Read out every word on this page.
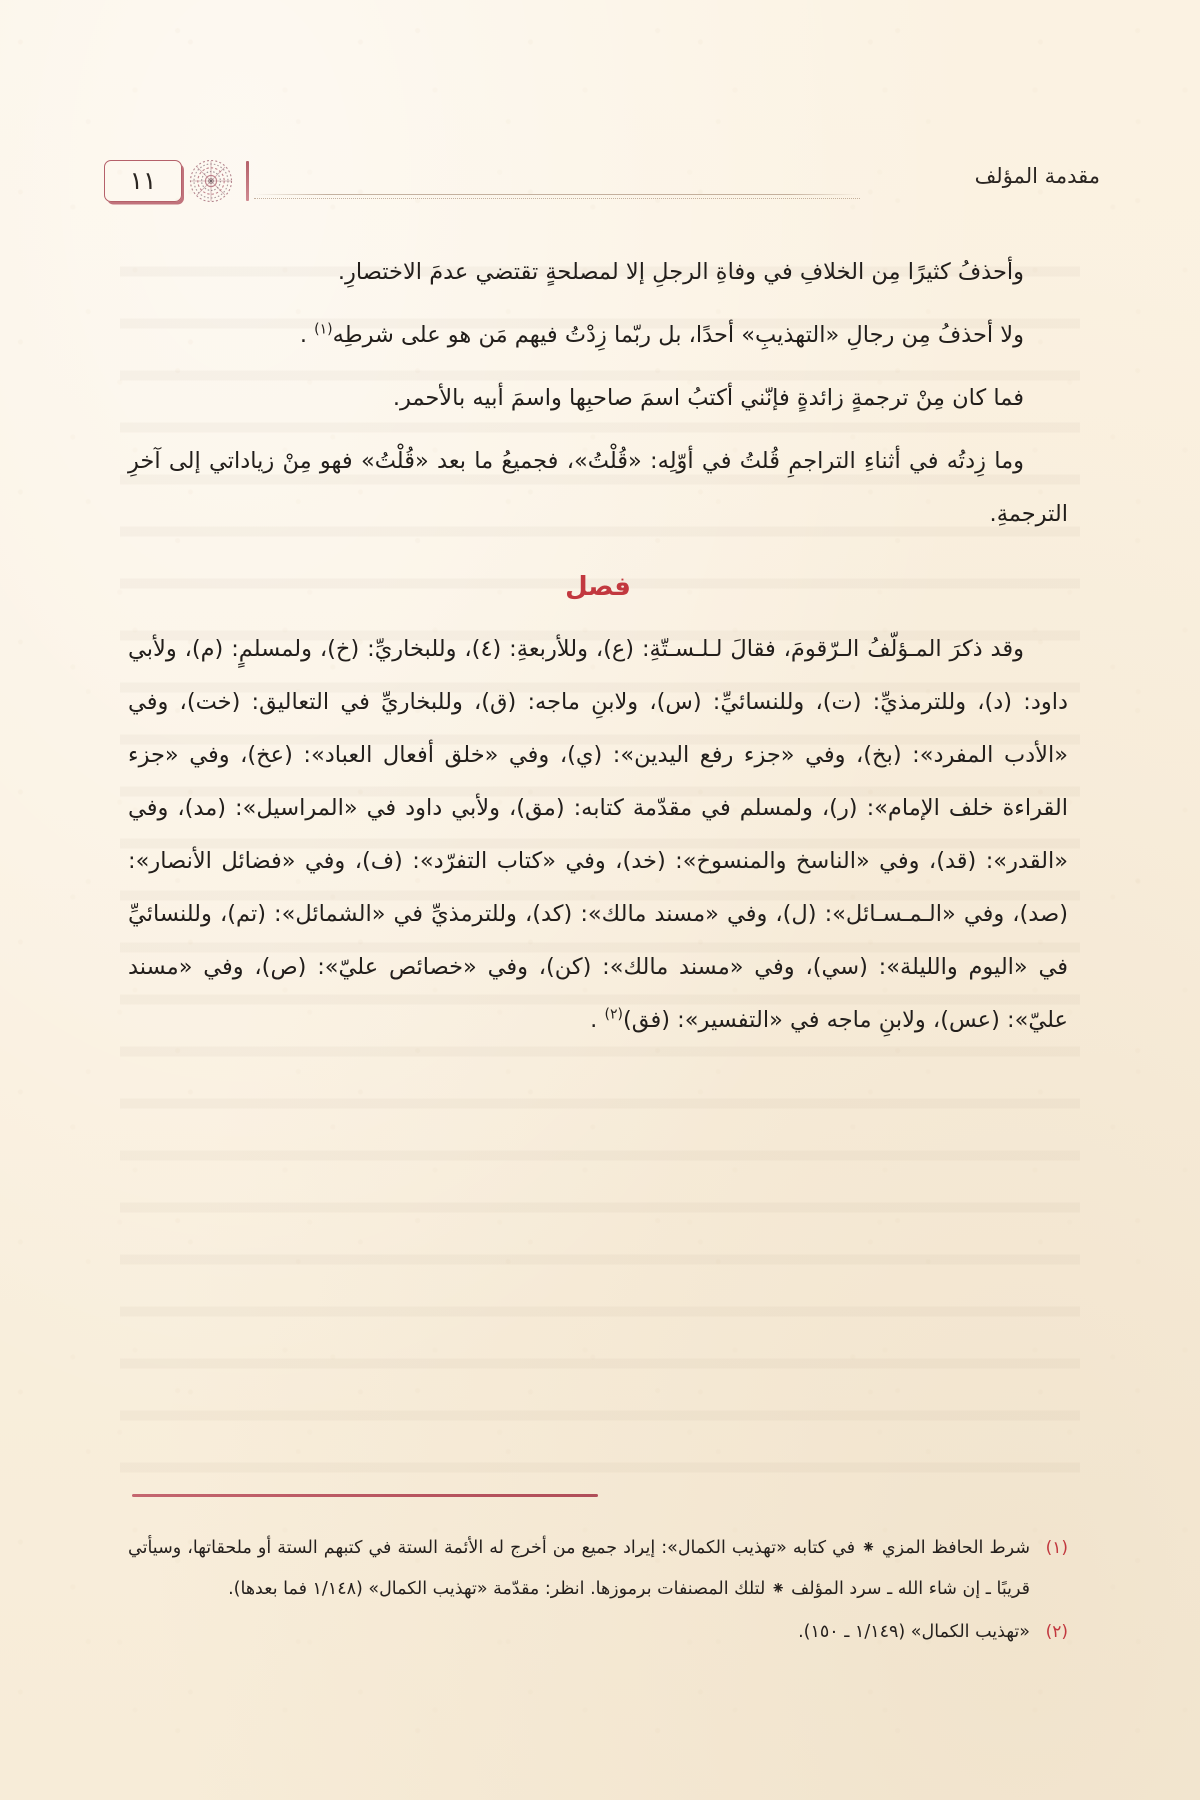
١١	مقدمة المؤلف

وأحذفُ كثيرًا مِن الخلافِ في وفاةِ الرجلِ إلا لمصلحةٍ تقتضي عدمَ الاختصارِ.

ولا أحذفُ مِن رجالِ «التهذيبِ» أحدًا، بل ربّما زِدْتُ فيهم مَن هو على شرطِه$^{(١)}$ .

فما كان مِنْ ترجمةٍ زائدةٍ فإنّني أكتبُ اسمَ صاحبِها واسمَ أبيه بالأحمر.

وما زِدتُه في أثناءِ التراجمِ قُلتُ في أوّلِه: «قُلْتُ»، فجميعُ ما بعد «قُلْتُ» فهو مِنْ زياداتي إلى آخرِ الترجمةِ.

فصل

وقد ذكرَ المـؤلّفُ الـرّقومَ، فقالَ لـلـسـتّةِ: (ع)، وللأربعةِ: (٤)، وللبخاريِّ: (خ)، ولمسلمٍ: (م)، ولأبي داود: (د)، وللترمذيِّ: (ت)، وللنسائيِّ: (س)، ولابنِ ماجه: (ق)، وللبخاريِّ في التعاليق: (خت)، وفي «الأدب المفرد»: (بخ)، وفي «جزء رفع اليدين»: (ي)، وفي «خلق أفعال العباد»: (عخ)، وفي «جزء القراءة خلف الإمام»: (ر)، ولمسلم في مقدّمة كتابه: (مق)، ولأبي داود في «المراسيل»: (مد)، وفي «القدر»: (قد)، وفي «الناسخ والمنسوخ»: (خد)، وفي «كتاب التفرّد»: (ف)، وفي «فضائل الأنصار»: (صد)، وفي «الـمـسـائل»: (ل)، وفي «مسند مالك»: (كد)، وللترمذيِّ في «الشمائل»: (تم)، وللنسائيِّ في «اليوم والليلة»: (سي)، وفي «مسند مالك»: (كن)، وفي «خصائص عليّ»: (ص)، وفي «مسند عليّ»: (عس)، ولابنِ ماجه في «التفسير»: (فق)$^{(٢)}$ .

(١)
شرط الحافظ المزي ⁕ في كتابه «تهذيب الكمال»: إيراد جميع من أخرج له الأئمة الستة في كتبهم الستة أو ملحقاتها، وسيأتي قريبًا ـ إن شاء الله ـ سرد المؤلف ⁕ لتلك المصنفات برموزها. انظر: مقدّمة «تهذيب الكمال» (١/١٤٨ فما بعدها).
(٢)
«تهذيب الكمال» (١/١٤٩ ـ ١٥٠).
